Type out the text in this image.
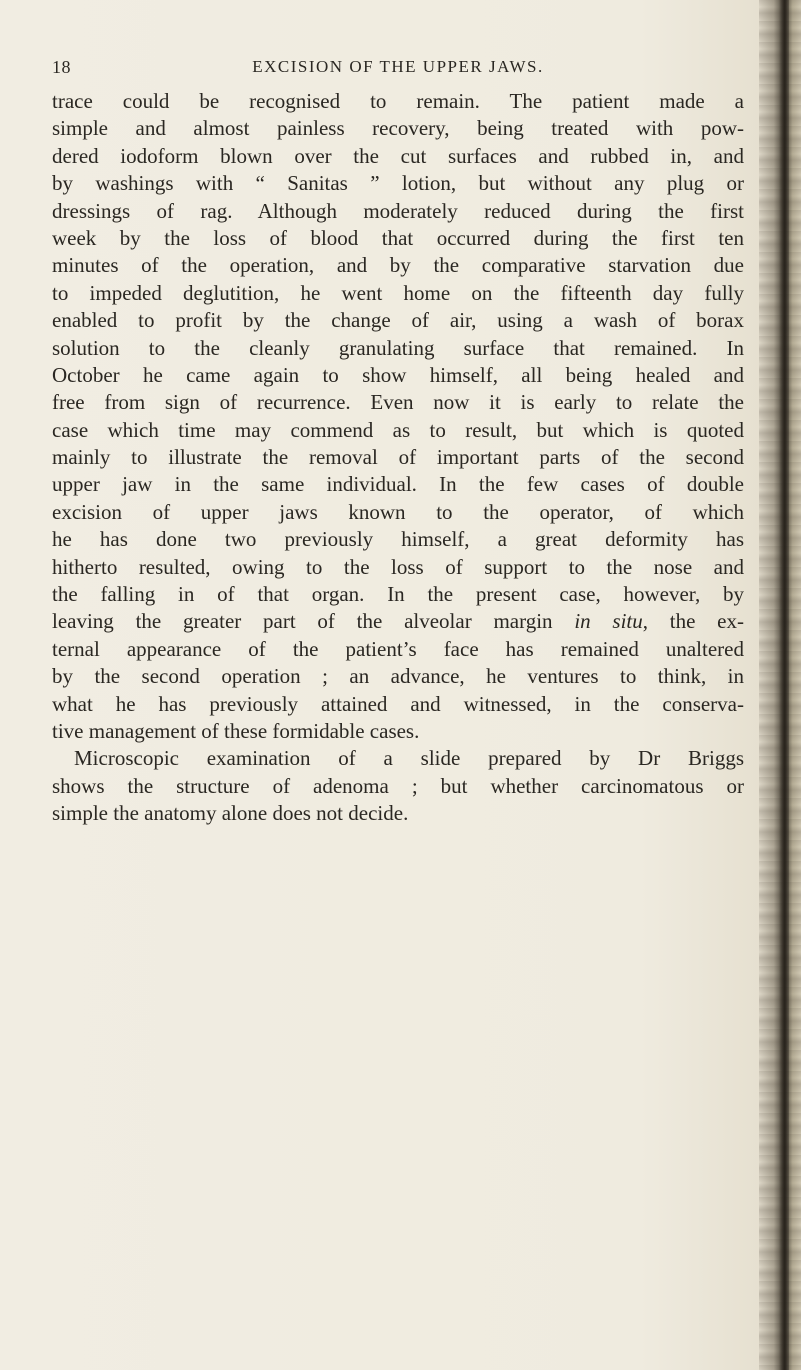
18	EXCISION OF THE UPPER JAWS.

trace could be recognised to remain. The patient made a
simple and almost painless recovery, being treated with pow-
dered iodoform blown over the cut surfaces and rubbed in, and
by washings with “ Sanitas ” lotion, but without any plug or
dressings of rag. Although moderately reduced during the first
week by the loss of blood that occurred during the first ten
minutes of the operation, and by the comparative starvation due
to impeded deglutition, he went home on the fifteenth day fully
enabled to profit by the change of air, using a wash of borax
solution to the cleanly granulating surface that remained. In
October he came again to show himself, all being healed and
free from sign of recurrence. Even now it is early to relate the
case which time may commend as to result, but which is quoted
mainly to illustrate the removal of important parts of the second
upper jaw in the same individual. In the few cases of double
excision of upper jaws known to the operator, of which
he has done two previously himself, a great deformity has
hitherto resulted, owing to the loss of support to the nose and
the falling in of that organ. In the present case, however, by
leaving the greater part of the alveolar margin in situ, the ex-
ternal appearance of the patient’s face has remained unaltered
by the second operation ; an advance, he ventures to think, in
what he has previously attained and witnessed, in the conserva-
tive management of these formidable cases.

Microscopic examination of a slide prepared by Dr Briggs
shows the structure of adenoma ; but whether carcinomatous or
simple the anatomy alone does not decide.
